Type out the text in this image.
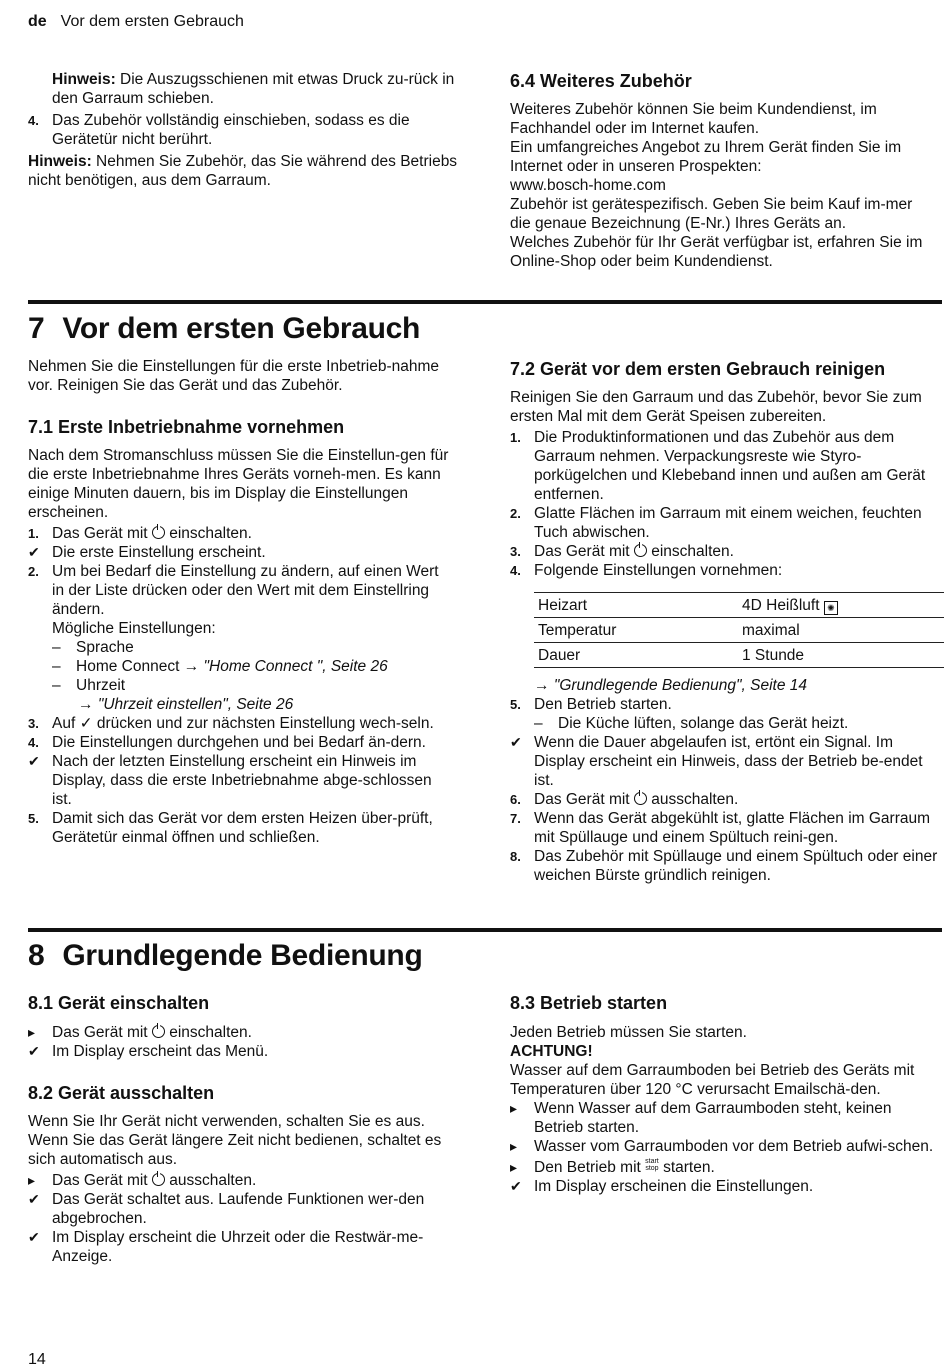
de Vor dem ersten Gebrauch
Hinweis: Die Auszugsschienen mit etwas Druck zu-rück in den Garraum schieben.
4. Das Zubehör vollständig einschieben, sodass es die Gerätetür nicht berührt.
Hinweis: Nehmen Sie Zubehör, das Sie während des Betriebs nicht benötigen, aus dem Garraum.
6.4 Weiteres Zubehör
Weiteres Zubehör können Sie beim Kundendienst, im Fachhandel oder im Internet kaufen.
Ein umfangreiches Angebot zu Ihrem Gerät finden Sie im Internet oder in unseren Prospekten:
www.bosch-home.com
Zubehör ist gerätespezifisch. Geben Sie beim Kauf im-mer die genaue Bezeichnung (E-Nr.) Ihres Geräts an.
Welches Zubehör für Ihr Gerät verfügbar ist, erfahren Sie im Online-Shop oder beim Kundendienst.
7 Vor dem ersten Gebrauch
Nehmen Sie die Einstellungen für die erste Inbetrieb-nahme vor. Reinigen Sie das Gerät und das Zubehör.
7.1 Erste Inbetriebnahme vornehmen
Nach dem Stromanschluss müssen Sie die Einstellun-gen für die erste Inbetriebnahme Ihres Geräts vorneh-men. Es kann einige Minuten dauern, bis im Display die Einstellungen erscheinen.
1. Das Gerät mit  einschalten.
✔ Die erste Einstellung erscheint.
2. Um bei Bedarf die Einstellung zu ändern, auf einen Wert in der Liste drücken oder den Wert mit dem Einstellring ändern.
Mögliche Einstellungen:
– Sprache
– Home Connect → "Home Connect ", Seite 26
– Uhrzeit
→ "Uhrzeit einstellen", Seite 26
3. Auf ✓ drücken und zur nächsten Einstellung wech-seln.
4. Die Einstellungen durchgehen und bei Bedarf än-dern.
✔ Nach der letzten Einstellung erscheint ein Hinweis im Display, dass die erste Inbetriebnahme abge-schlossen ist.
5. Damit sich das Gerät vor dem ersten Heizen über-prüft, Gerätetür einmal öffnen und schließen.
7.2 Gerät vor dem ersten Gebrauch reinigen
Reinigen Sie den Garraum und das Zubehör, bevor Sie zum ersten Mal mit dem Gerät Speisen zubereiten.
1. Die Produktinformationen und das Zubehör aus dem Garraum nehmen. Verpackungsreste wie Styro-porkügelchen und Klebeband innen und außen am Gerät entfernen.
2. Glatte Flächen im Garraum mit einem weichen, feuchten Tuch abwischen.
3. Das Gerät mit  einschalten.
4. Folgende Einstellungen vornehmen:
Heizart	4D Heißluft ✺
Temperatur	maximal
Dauer	1 Stunde
→ "Grundlegende Bedienung", Seite 14
5. Den Betrieb starten.
– Die Küche lüften, solange das Gerät heizt.
✔ Wenn die Dauer abgelaufen ist, ertönt ein Signal. Im Display erscheint ein Hinweis, dass der Betrieb be-endet ist.
6. Das Gerät mit  ausschalten.
7. Wenn das Gerät abgekühlt ist, glatte Flächen im Garraum mit Spüllauge und einem Spültuch reini-gen.
8. Das Zubehör mit Spüllauge und einem Spültuch oder einer weichen Bürste gründlich reinigen.
8 Grundlegende Bedienung
8.1 Gerät einschalten
▸	Das Gerät mit  einschalten.
✔ Im Display erscheint das Menü.
8.2 Gerät ausschalten
Wenn Sie Ihr Gerät nicht verwenden, schalten Sie es aus. Wenn Sie das Gerät längere Zeit nicht bedienen, schaltet es sich automatisch aus.
▸	Das Gerät mit  ausschalten.
✔ Das Gerät schaltet aus. Laufende Funktionen wer-den abgebrochen.
✔ Im Display erscheint die Uhrzeit oder die Restwär-me-Anzeige.
8.3 Betrieb starten
Jeden Betrieb müssen Sie starten.
ACHTUNG!
Wasser auf dem Garraumboden bei Betrieb des Geräts mit Temperaturen über 120 °C verursacht Emailschä-den.
▸	Wenn Wasser auf dem Garraumboden steht, keinen Betrieb starten.
▸	Wasser vom Garraumboden vor dem Betrieb aufwi-schen.
▸	Den Betrieb mit start
stop starten.
✔ Im Display erscheinen die Einstellungen.
14
